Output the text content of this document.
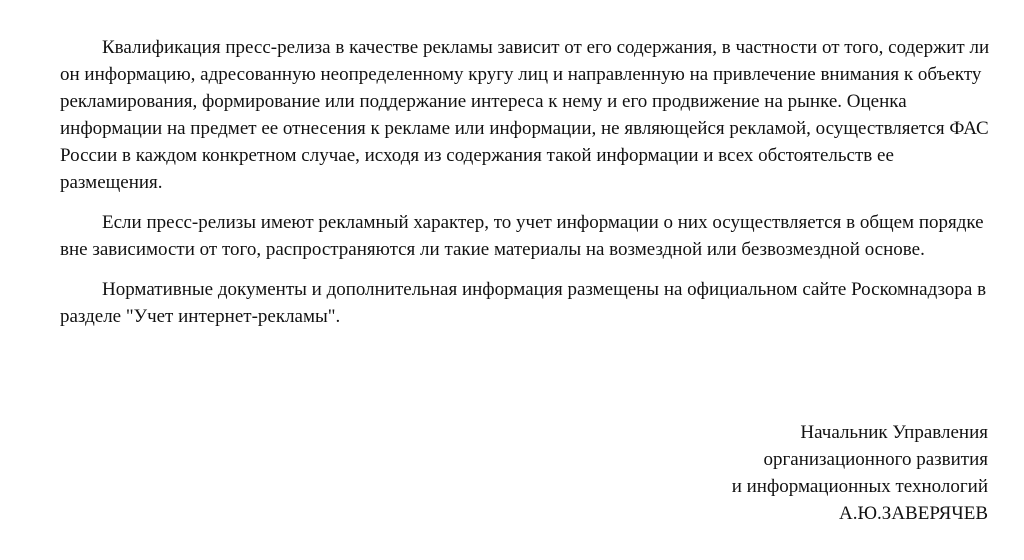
Квалификация пресс-релиза в качестве рекламы зависит от его содержания, в частности от того, содержит ли он информацию, адресованную неопределенному кругу лиц и направленную на привлечение внимания к объекту рекламирования, формирование или поддержание интереса к нему и его продвижение на рынке. Оценка информации на предмет ее отнесения к рекламе или информации, не являющейся рекламой, осуществляется ФАС России в каждом конкретном случае, исходя из содержания такой информации и всех обстоятельств ее размещения.

Если пресс-релизы имеют рекламный характер, то учет информации о них осуществляется в общем порядке вне зависимости от того, распространяются ли такие материалы на возмездной или безвозмездной основе.

Нормативные документы и дополнительная информация размещены на официальном сайте Роскомнадзора в разделе "Учет интернет-рекламы".

Начальник Управления
организационного развития
и информационных технологий
А.Ю.ЗАВЕРЯЧЕВ
